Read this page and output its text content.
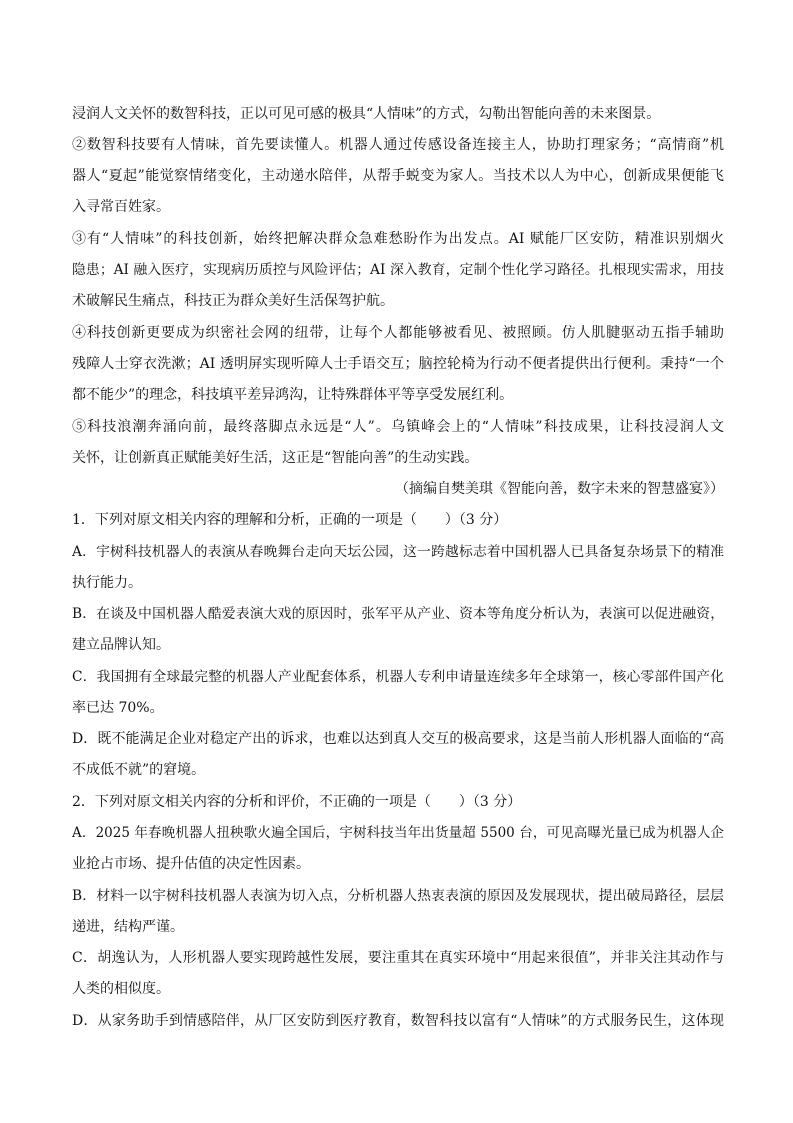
浸润人文关怀的数智科技，正以可见可感的极具“人情味”的方式，勾勒出智能向善的未来图景。
②数智科技要有人情味，首先要读懂人。机器人通过传感设备连接主人，协助打理家务；“高情商”机
器人“夏起”能觉察情绪变化，主动递水陪伴，从帮手蜕变为家人。当技术以人为中心，创新成果便能飞
入寻常百姓家。
③有“人情味”的科技创新，始终把解决群众急难愁盼作为出发点。AI 赋能厂区安防，精准识别烟火
隐患；AI 融入医疗，实现病历质控与风险评估；AI 深入教育，定制个性化学习路径。扎根现实需求，用技
术破解民生痛点，科技正为群众美好生活保驾护航。
④科技创新更要成为织密社会网的纽带，让每个人都能够被看见、被照顾。仿人肌腱驱动五指手辅助
残障人士穿衣洗漱；AI 透明屏实现听障人士手语交互；脑控轮椅为行动不便者提供出行便利。秉持“一个
都不能少”的理念，科技填平差异鸿沟，让特殊群体平等享受发展红利。
⑤科技浪潮奔涌向前，最终落脚点永远是“人”。乌镇峰会上的“人情味”科技成果，让科技浸润人文
关怀，让创新真正赋能美好生活，这正是“智能向善”的生动实践。
（摘编自樊美琪《智能向善，数字未来的智慧盛宴》）
1．下列对原文相关内容的理解和分析，正确的一项是（　　）（3 分）
A．宇树科技机器人的表演从春晚舞台走向天坛公园，这一跨越标志着中国机器人已具备复杂场景下的精准
执行能力。
B．在谈及中国机器人酷爱表演大戏的原因时，张军平从产业、资本等角度分析认为，表演可以促进融资，
建立品牌认知。
C．我国拥有全球最完整的机器人产业配套体系，机器人专利申请量连续多年全球第一，核心零部件国产化
率已达 70%。
D．既不能满足企业对稳定产出的诉求，也难以达到真人交互的极高要求，这是当前人形机器人面临的“高
不成低不就”的窘境。
2．下列对原文相关内容的分析和评价，不正确的一项是（　　）（3 分）
A．2025 年春晚机器人扭秧歌火遍全国后，宇树科技当年出货量超 5500 台，可见高曝光量已成为机器人企
业抢占市场、提升估值的决定性因素。
B．材料一以宇树科技机器人表演为切入点，分析机器人热衷表演的原因及发展现状，提出破局路径，层层
递进，结构严谨。
C．胡逸认为，人形机器人要实现跨越性发展，要注重其在真实环境中“用起来很值”，并非关注其动作与
人类的相似度。
D．从家务助手到情感陪伴，从厂区安防到医疗教育，数智科技以富有“人情味”的方式服务民生，这体现
